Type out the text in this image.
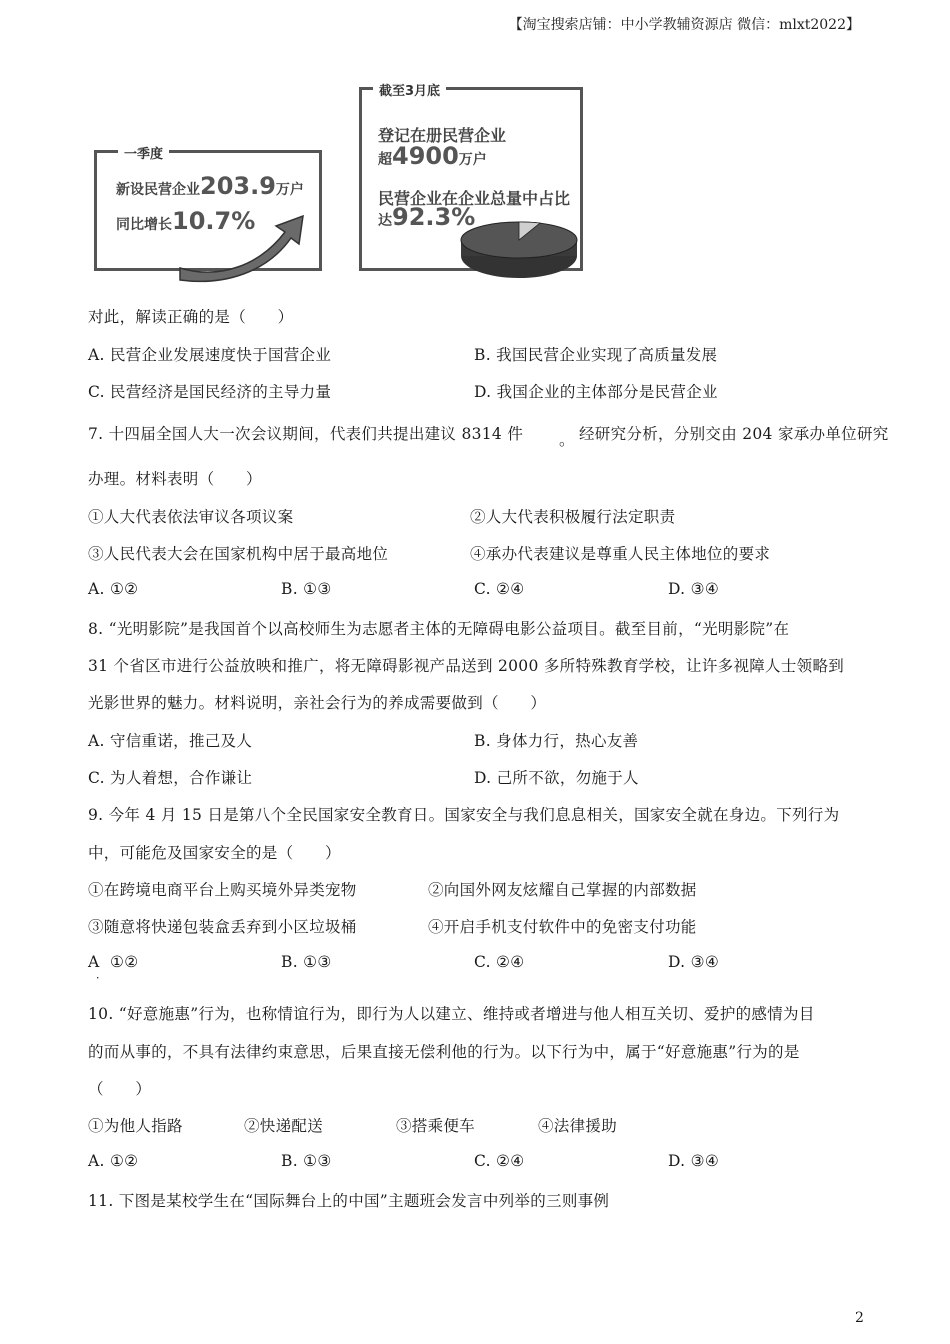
【淘宝搜索店铺：中小学教辅资源店 微信：mlxt2022】
一季度
新设民营企业203.9万户
同比增长10.7%
截至3月底
登记在册民营企业
超4900万户
民营企业在企业总量中占比
达92.3%
对此，解读正确的是（　　）
A. 民营企业发展速度快于国营企业	B. 我国民营企业实现了高质量发展
C. 民营经济是国民经济的主导力量	D. 我国企业的主体部分是民营企业
7. 十四届全国人大一次会议期间，代表们共提出建议 8314 件 。 经研究分析，分别交由 204 家承办单位研究
办理。材料表明（　　）
①人大代表依法审议各项议案	②人大代表积极履行法定职责
③人民代表大会在国家机构中居于最高地位	④承办代表建议是尊重人民主体地位的要求
A. ①②	B. ①③	C. ②④	D. ③④
8. “光明影院”是我国首个以高校师生为志愿者主体的无障碍电影公益项目。截至目前，“光明影院”在
31 个省区市进行公益放映和推广，将无障碍影视产品送到 2000 多所特殊教育学校，让许多视障人士领略到
光影世界的魅力。材料说明，亲社会行为的养成需要做到（　　）
A. 守信重诺，推己及人	B. 身体力行，热心友善
C. 为人着想，合作谦让	D. 己所不欲，勿施于人
9. 今年 4 月 15 日是第八个全民国家安全教育日。国家安全与我们息息相关，国家安全就在身边。下列行为
中，可能危及国家安全的是（　　）
①在跨境电商平台上购买境外异类宠物	②向国外网友炫耀自己掌握的内部数据
③随意将快递包装盒丢弃到小区垃圾桶	④开启手机支付软件中的免密支付功能
A
．
①②	B. ①③	C. ②④	D. ③④
10. “好意施惠”行为，也称情谊行为，即行为人以建立、维持或者增进与他人相互关切、爱护的感情为目
的而从事的，不具有法律约束意思，后果直接无偿利他的行为。以下行为中，属于“好意施惠”行为的是
（　　）
①为他人指路	②快递配送	③搭乘便车	④法律援助
A. ①②	B. ①③	C. ②④	D. ③④
11. 下图是某校学生在“国际舞台上的中国”主题班会发言中列举的三则事例
2
